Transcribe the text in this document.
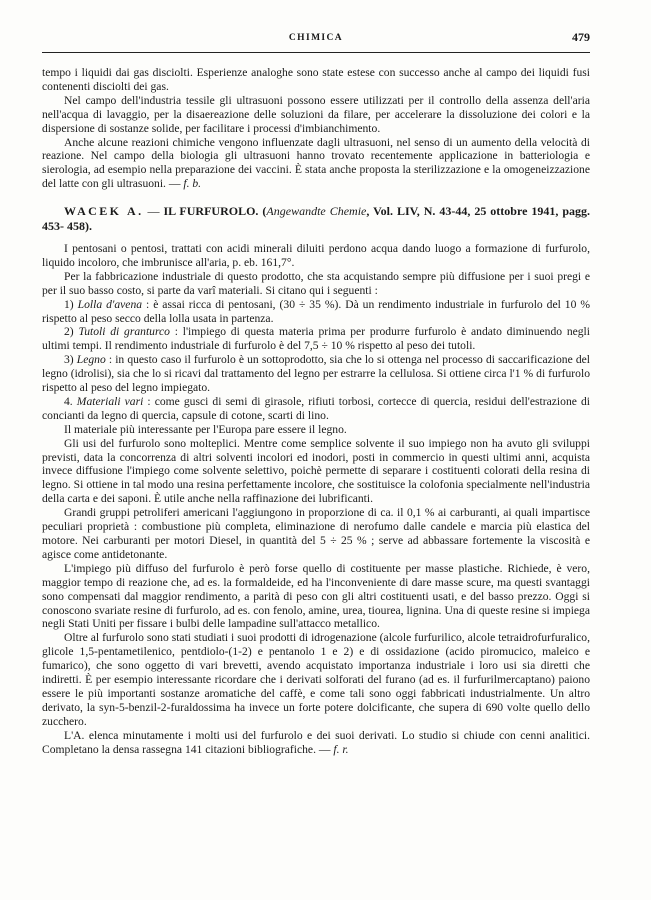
CHIMICA	479

tempo i liquidi dai gas disciolti. Esperienze analoghe sono state estese con successo anche al campo dei liquidi fusi contenenti disciolti dei gas.

Nel campo dell'industria tessile gli ultrasuoni possono essere utilizzati per il controllo della assenza dell'aria nell'acqua di lavaggio, per la disaereazione delle soluzioni da filare, per accelerare la dissoluzione dei colori e la dispersione di sostanze solide, per facilitare i processi d'imbianchimento.

Anche alcune reazioni chimiche vengono influenzate dagli ultrasuoni, nel senso di un aumento della velocità di reazione. Nel campo della biologia gli ultrasuoni hanno trovato recentemente applicazione in batteriologia e sierologia, ad esempio nella preparazione dei vaccini. È stata anche proposta la sterilizzazione e la omogeneizzazione del latte con gli ultrasuoni. — f. b.

WACEK A. — IL FURFUROLO. (Angewandte Chemie, Vol. LIV, N. 43-44, 25 ottobre 1941, pagg. 453- 458).

I pentosani o pentosi, trattati con acidi minerali diluiti perdono acqua dando luogo a formazione di furfurolo, liquido incoloro, che imbrunisce all'aria, p. eb. 161,7°.

Per la fabbricazione industriale di questo prodotto, che sta acquistando sempre più diffusione per i suoi pregi e per il suo basso costo, si parte da varî materiali. Si citano qui i seguenti :

1) Lolla d'avena : è assai ricca di pentosani, (30 ÷ 35 %). Dà un rendimento industriale in furfurolo del 10 % rispetto al peso secco della lolla usata in partenza.

2) Tutoli di granturco : l'impiego di questa materia prima per produrre furfurolo è andato diminuendo negli ultimi tempi. Il rendimento industriale di furfurolo è del 7,5 ÷ 10 % rispetto al peso dei tutoli.

3) Legno : in questo caso il furfurolo è un sottoprodotto, sia che lo si ottenga nel processo di saccarificazione del legno (idrolisi), sia che lo si ricavi dal trattamento del legno per estrarre la cellulosa. Si ottiene circa l'1 % di furfurolo rispetto al peso del legno impiegato.

4. Materiali vari : come gusci di semi di girasole, rifiuti torbosi, cortecce di quercia, residui dell'estrazione di concianti da legno di quercia, capsule di cotone, scarti di lino.

Il materiale più interessante per l'Europa pare essere il legno.

Gli usi del furfurolo sono molteplici. Mentre come semplice solvente il suo impiego non ha avuto gli sviluppi previsti, data la concorrenza di altri solventi incolori ed inodori, posti in commercio in questi ultimi anni, acquista invece diffusione l'impiego come solvente selettivo, poichè permette di separare i costituenti colorati della resina di legno. Si ottiene in tal modo una resina perfettamente incolore, che sostituisce la colofonia specialmente nell'industria della carta e dei saponi. È utile anche nella raffinazione dei lubrificanti.

Grandi gruppi petroliferi americani l'aggiungono in proporzione di ca. il 0,1 % ai carburanti, ai quali impartisce peculiari proprietà : combustione più completa, eliminazione di nerofumo dalle candele e marcia più elastica del motore. Nei carburanti per motori Diesel, in quantità del 5 ÷ 25 % ; serve ad abbassare fortemente la viscosità e agisce come antidetonante.

L'impiego più diffuso del furfurolo è però forse quello di costituente per masse plastiche. Richiede, è vero, maggior tempo di reazione che, ad es. la formaldeide, ed ha l'inconveniente di dare masse scure, ma questi svantaggi sono compensati dal maggior rendimento, a parità di peso con gli altri costituenti usati, e del basso prezzo. Oggi si conoscono svariate resine di furfurolo, ad es. con fenolo, amine, urea, tiourea, lignina. Una di queste resine si impiega negli Stati Uniti per fissare i bulbi delle lampadine sull'attacco metallico.

Oltre al furfurolo sono stati studiati i suoi prodotti di idrogenazione (alcole furfurilico, alcole tetraidrofurfuralico, glicole 1,5-pentametilenico, pentdiolo-(1-2) e pentanolo 1 e 2) e di ossidazione (acido piromucico, maleico e fumarico), che sono oggetto di vari brevetti, avendo acquistato importanza industriale i loro usi sia diretti che indiretti. È per esempio interessante ricordare che i derivati solforati del furano (ad es. il furfurilmercaptano) paiono essere le più importanti sostanze aromatiche del caffè, e come tali sono oggi fabbricati industrialmente. Un altro derivato, la syn-5-benzil-2-furaldossima ha invece un forte potere dolcificante, che supera di 690 volte quello dello zucchero.

L'A. elenca minutamente i molti usi del furfurolo e dei suoi derivati. Lo studio si chiude con cenni analitici. Completano la densa rassegna 141 citazioni bibliografiche. — f. r.
